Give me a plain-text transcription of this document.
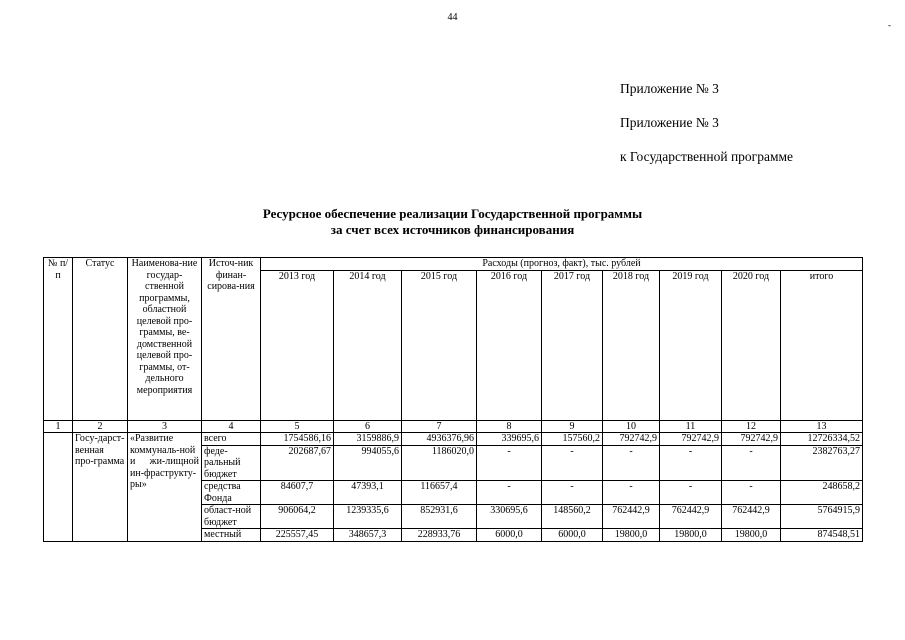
44
-
Приложение № 3
Приложение № 3
к Государственной программе
Ресурсное обеспечение реализации Государственной программы
за счет всех источников финансирования
№ п/п	Статус	Наименова-ние государ-ственной программы, областной целевой про-граммы, ве-домственной целевой про-граммы, от-дельного мероприятия	Источ-ник финан-сирова-ния	Расходы (прогноз, факт), тыс. рублей								
				2013 год	2014 год	2015 год	2016 год	2017 год	2018 год	2019 год	2020 год	итого
1	2	3	4	5	6	7	8	9	10	11	12	13
	Госу-дарст-венная про-грамма	«Развитие коммуналь-ной и жи-лищной ин-фраструкту-ры»	всего	1754586,16	3159886,9	4936376,96	339695,6	157560,2	792742,9	792742,9	792742,9	12726334,52
			феде-ральный бюджет	202687,67	994055,6	1186020,0	-	-	-	-	-	2382763,27
			средства Фонда	84607,7	47393,1	116657,4	-	-	-	-	-	248658,2
			област-ной бюджет	906064,2	1239335,6	852931,6	330695,6	148560,2	762442,9	762442,9	762442,9	5764915,9
			местный	225557,45	348657,3	228933,76	6000,0	6000,0	19800,0	19800,0	19800,0	874548,51
